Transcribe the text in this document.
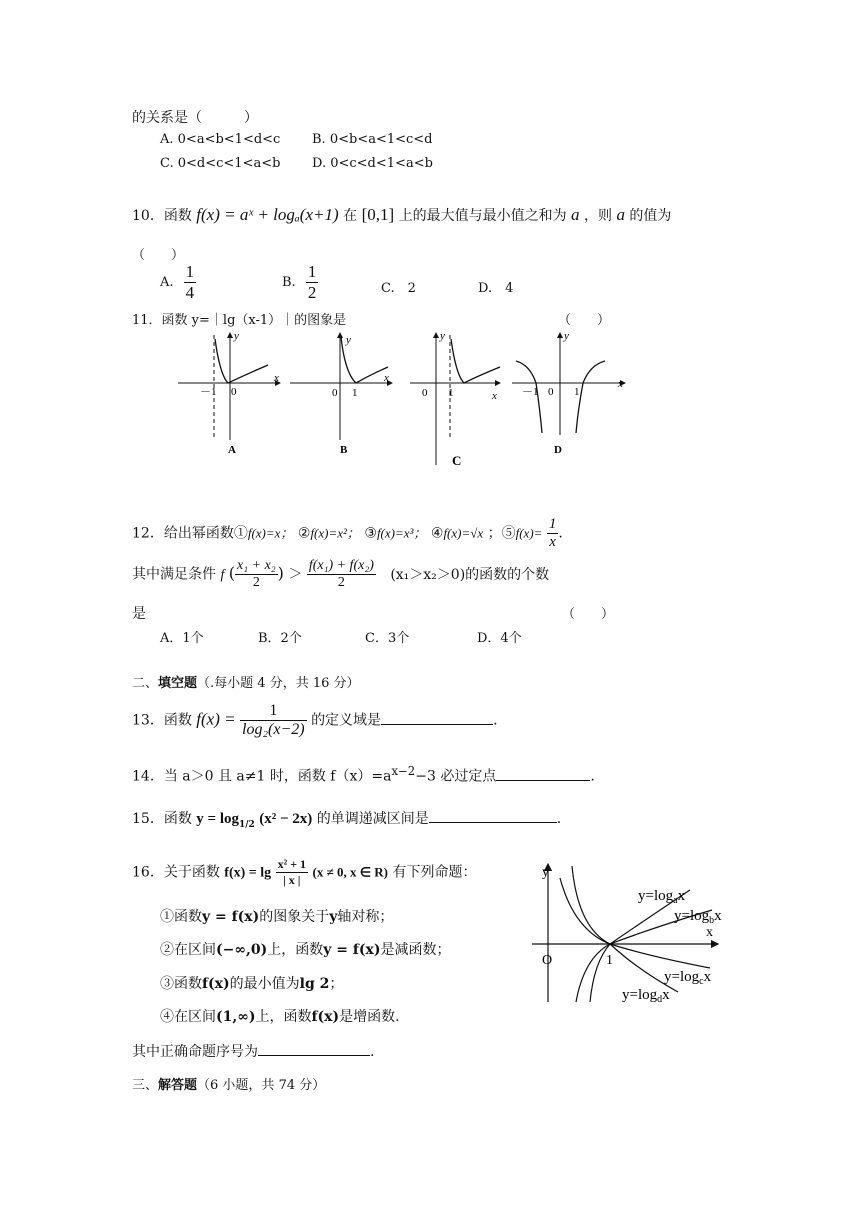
的关系是（　　　）
A. 0<a<b<1<d<c B. 0<b<a<1<c<d
C. 0<d<c<1<a<b D. 0<c<d<1<a<b
10．函数 f(x) = aˣ + logₐ(x+1) 在 [0,1] 上的最大值与最小值之和为 a ，则 a 的值为
（　　）
A. $\frac{1}{4}$	B. $\frac{1}{2}$	C.　2	D.　4
11．函数 y=｜lg（x-1）｜的图象是	（　　）
x
y
－1 0
A
x
y
0 1
B
x
y
0 1
C
x
y
－1 0 1
D
12．给出幂函数①f(x)=x； ②f(x)=x²； ③f(x)=x³； ④f(x)=√x ；⑤f(x)= $\frac{1}{x}$ .
其中满足条件 f ( $\frac{\text{x₁ + x₂}}{2}$ ) ＞ $\frac{\text{f(x₁) + f(x₂)}}{2} (x_1>x_2>0)$的函数的个数
是	（　　）
A．1个	B．2个	C．3个	D．4个
二、填空题（.每小题 4 分，共 16 分）
13．函数 $f(x) = \frac{1}{\text{log₂(x−2)}}$ 的定义域是	.
14．当 a＞0 且 a≠1 时，函数 $f(x)=a^{x-2}-3$ 必过定点	.
15．函数 $y = \log_{1/2} (x^2 - 2x)$ 的单调递减区间是	.
16．关于函数 $f(x) = \lg \frac{\text{x² + 1}}{| x |} (x \ne 0$, x ∈ R) 有下列命题：
①函数y = f(x)的图象关于y轴对称；
②在区间(−∞,0)上，函数y = f(x)是减函数；
③函数f(x)的最小值为lg 2；
④在区间(1,∞)上，函数f(x)是增函数.
其中正确命题序号为	.
y
x
O	1
$y=\log_ax$
$y=\log_bx$
$y=\log_cx$
$y=\log_dx$
三、解答题（6 小题，共 74 分）
